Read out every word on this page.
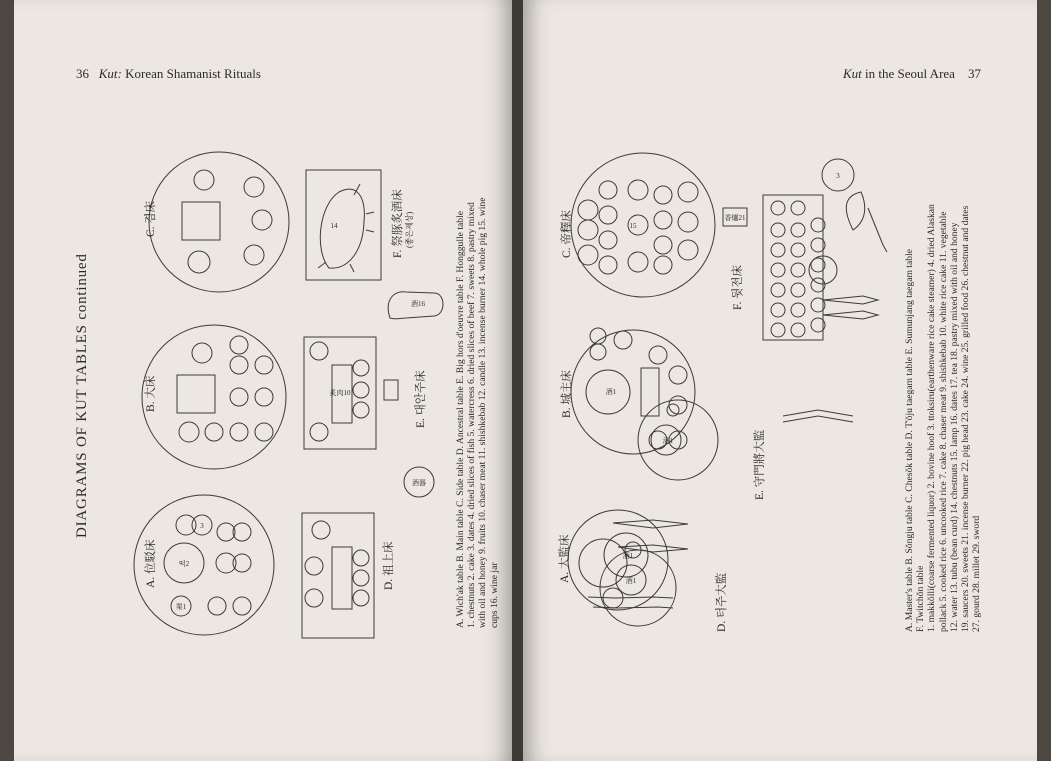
36 Kut: Korean Shamanist Rituals
DIAGRAMS OF KUT TABLES continued
栗1
3
떡2
酒器
炙肉10
酒16
14
A. 位駁床
B. 大床
C. 겸床
D. 祖上床
E. 대안주床
F. 祭豚炙酒床 (좋은제상)	A. Wich'ak table B. Main table C. Side table D. Ancestral table E. Big hors d'oeuvre table F. Honggulle table 1. chestnuts 2. cake 3. dates 4. dried slices of fish 5. watercress 6. dried slices of beef 7. sweets 8. pastry mixed with oil and honey 9. fruits 10. chaser meat 11. shishkebab 12. candle 13. incense burner 14. whole pig 15. wine cups 16. wine jar

Kut in the Seoul Area 37
酒1
酒1
15
香爐21
酒1
酒1
3
A. 大監床
B. 城主床
C. 帝釋床
D. 터주大監
E. 守門將大監
F. 뒷전床	A. Master's table B. Sŏngju table C. Chesŏk table D. T'ŏju taegam table E. Sumunjang taegam table F. Twitchŏn table 1. makkŏlli(coarse fermented liquor) 2. bovine hoof 3. ttoksiru(earthenware rice cake steamer) 4. dried Alaskan pollack 5. cooked rice 6. uncooked rice 7. cake 8. chaser meat 9. shishkebab 10. white rice cake 11. vegetable 12. water 13. tubu (bean curd) 14. chestnuts 15. lamp 16. dates 17. tea 18. pastry mixed with oil and honey 19. saucers 20. sweets 21. incense burner 22. pig head 23. cake 24. wine 25. grilled food 26. chestnut and dates 27. gourd 28. millet 29. sword
